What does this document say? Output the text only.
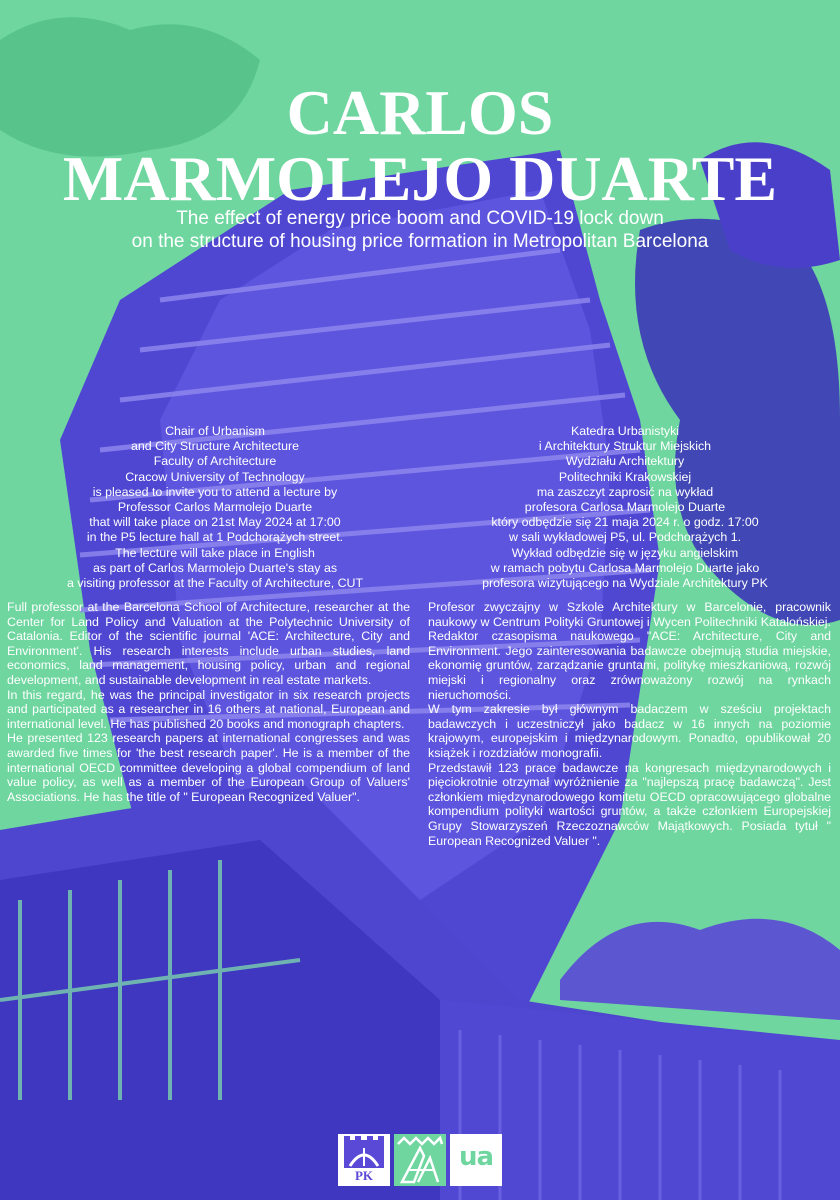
CARLOS
MARMOLEJO DUARTE
The effect of energy price boom and COVID-19 lock down
on the structure of housing price formation in Metropolitan Barcelona
Chair of Urbanism
and City Structure Architecture
Faculty of Architecture
Cracow University of Technology
is pleased to invite you to attend a lecture by
Professor Carlos Marmolejo Duarte
that will take place on 21st May 2024 at 17:00
in the P5 lecture hall at 1 Podchorążych street.
The lecture will take place in English
as part of Carlos Marmolejo Duarte's stay as
a visiting professor at the Faculty of Architecture, CUT
Katedra Urbanistyki
i Architektury Struktur Miejskich
Wydziału Architektury
Politechniki Krakowskiej
ma zaszczyt zaprosić na wykład
profesora Carlosa Marmolejo Duarte
który odbędzie się 21 maja 2024 r. o godz. 17:00
w sali wykładowej P5, ul. Podchorążych 1.
Wykład odbędzie się w języku angielskim
w ramach pobytu Carlosa Marmolejo Duarte jako
profesora wizytującego na Wydziale Architektury PK

Full professor at the Barcelona School of Architecture, researcher at the Center for Land Policy and Valuation at the Polytechnic University of Catalonia. Editor of the scientific journal 'ACE: Architecture, City and Environment'. His research interests include urban studies, land economics, land management, housing policy, urban and regional development, and sustainable development in real estate markets.

In this regard, he was the principal investigator in six research projects and participated as a researcher in 16 others at national, European and international level. He has published 20 books and monograph chapters.

He presented 123 research papers at international congresses and was awarded five times for 'the best research paper'. He is a member of the international OECD committee developing a global compendium of land value policy, as well as a member of the European Group of Valuers' Associations. He has the title of " European Recognized Valuer".

Profesor zwyczajny w Szkole Architektury w Barcelonie, pracownik naukowy w Centrum Polityki Gruntowej i Wycen Politechniki Katalońskiej. Redaktor czasopisma naukowego "ACE: Architecture, City and Environment. Jego zainteresowania badawcze obejmują studia miejskie, ekonomię gruntów, zarządzanie gruntami, politykę mieszkaniową, rozwój miejski i regionalny oraz zrównoważony rozwój na rynkach nieruchomości.

W tym zakresie był głównym badaczem w sześciu projektach badawczych i uczestniczył jako badacz w 16 innych na poziomie krajowym, europejskim i międzynarodowym. Ponadto, opublikował 20 książek i rozdziałów monografii.

Przedstawił 123 prace badawcze na kongresach międzynarodowych i pięciokrotnie otrzymał wyróżnienie za "najlepszą pracę badawczą". Jest członkiem międzynarodowego komitetu OECD opracowującego globalne kompendium polityki wartości gruntów, a także członkiem Europejskiej Grupy Stowarzyszeń Rzeczoznawców Majątkowych. Posiada tytuł " European Recognized Valuer ".

PK
ua
